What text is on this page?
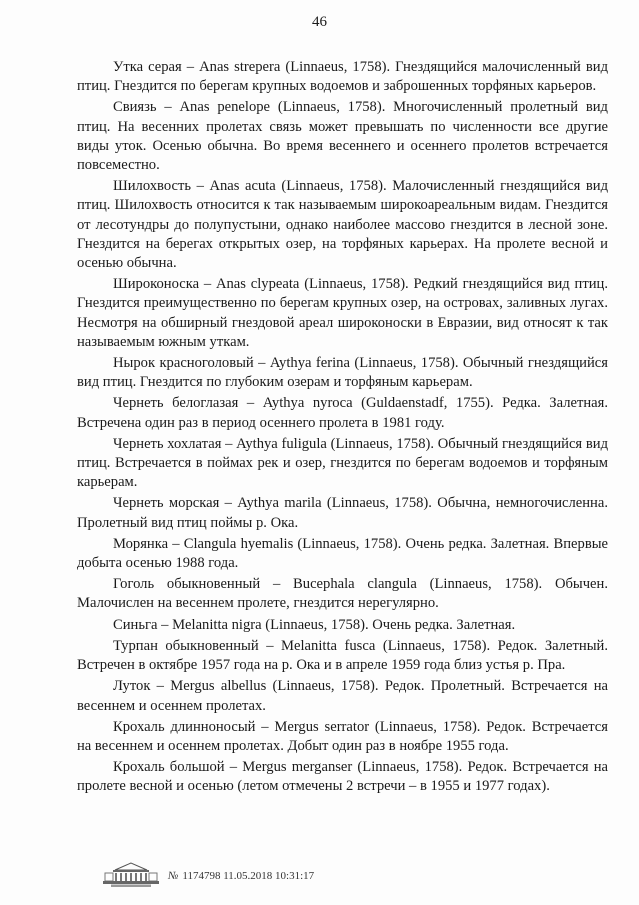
46

Утка серая – Anas strepera (Linnaeus, 1758). Гнездящийся малочисленный вид птиц. Гнездится по берегам крупных водоемов и заброшенных торфяных карьеров.

Свиязь – Anas penelope (Linnaeus, 1758). Многочисленный пролетный вид птиц. На весенних пролетах связь может превышать по численности все другие виды уток. Осенью обычна. Во время весеннего и осеннего пролетов встречается повсеместно.

Шилохвость – Anas acuta (Linnaeus, 1758). Малочисленный гнездящийся вид птиц. Шилохвость относится к так называемым широкоареальным видам. Гнездится от лесотундры до полупустыни, однако наиболее массово гнездится в лесной зоне. Гнездится на берегах открытых озер, на торфяных карьерах. На пролете весной и осенью обычна.

Широконоска – Anas clypeata (Linnaeus, 1758). Редкий гнездящийся вид птиц. Гнездится преимущественно по берегам крупных озер, на островах, заливных лугах. Несмотря на обширный гнездовой ареал широконоски в Евразии, вид относят к так называемым южным уткам.

Нырок красноголовый – Aythya ferina (Linnaeus, 1758). Обычный гнездящийся вид птиц. Гнездится по глубоким озерам и торфяным карьерам.

Чернеть белоглазая – Aythya nyroca (Guldaenstadf, 1755). Редка. Залетная. Встречена один раз в период осеннего пролета в 1981 году.

Чернеть хохлатая – Aythya fuligula (Linnaeus, 1758). Обычный гнездящийся вид птиц. Встречается в поймах рек и озер, гнездится по берегам водоемов и торфяным карьерам.

Чернеть морская – Aythya marila (Linnaeus, 1758). Обычна, немногочисленна. Пролетный вид птиц поймы р. Ока.

Морянка – Clangula hyemalis (Linnaeus, 1758). Очень редка. Залетная. Впервые добыта осенью 1988 года.

Гоголь обыкновенный – Bucephala clangula (Linnaeus, 1758). Обычен. Малочислен на весеннем пролете, гнездится нерегулярно.

Синьга – Melanitta nigra (Linnaeus, 1758). Очень редка. Залетная.

Турпан обыкновенный – Melanitta fusca (Linnaeus, 1758). Редок. Залетный. Встречен в октябре 1957 года на р. Ока и в апреле 1959 года близ устья р. Пра.

Луток – Mergus albellus (Linnaeus, 1758). Редок. Пролетный. Встречается на весеннем и осеннем пролетах.

Крохаль длинноносый – Mergus serrator (Linnaeus, 1758). Редок. Встречается на весеннем и осеннем пролетах. Добыт один раз в ноябре 1955 года.

Крохаль большой – Mergus merganser (Linnaeus, 1758). Редок. Встречается на пролете весной и осенью (летом отмечены 2 встречи – в 1955 и 1977 годах).

№ 1174798 11.05.2018 10:31:17
